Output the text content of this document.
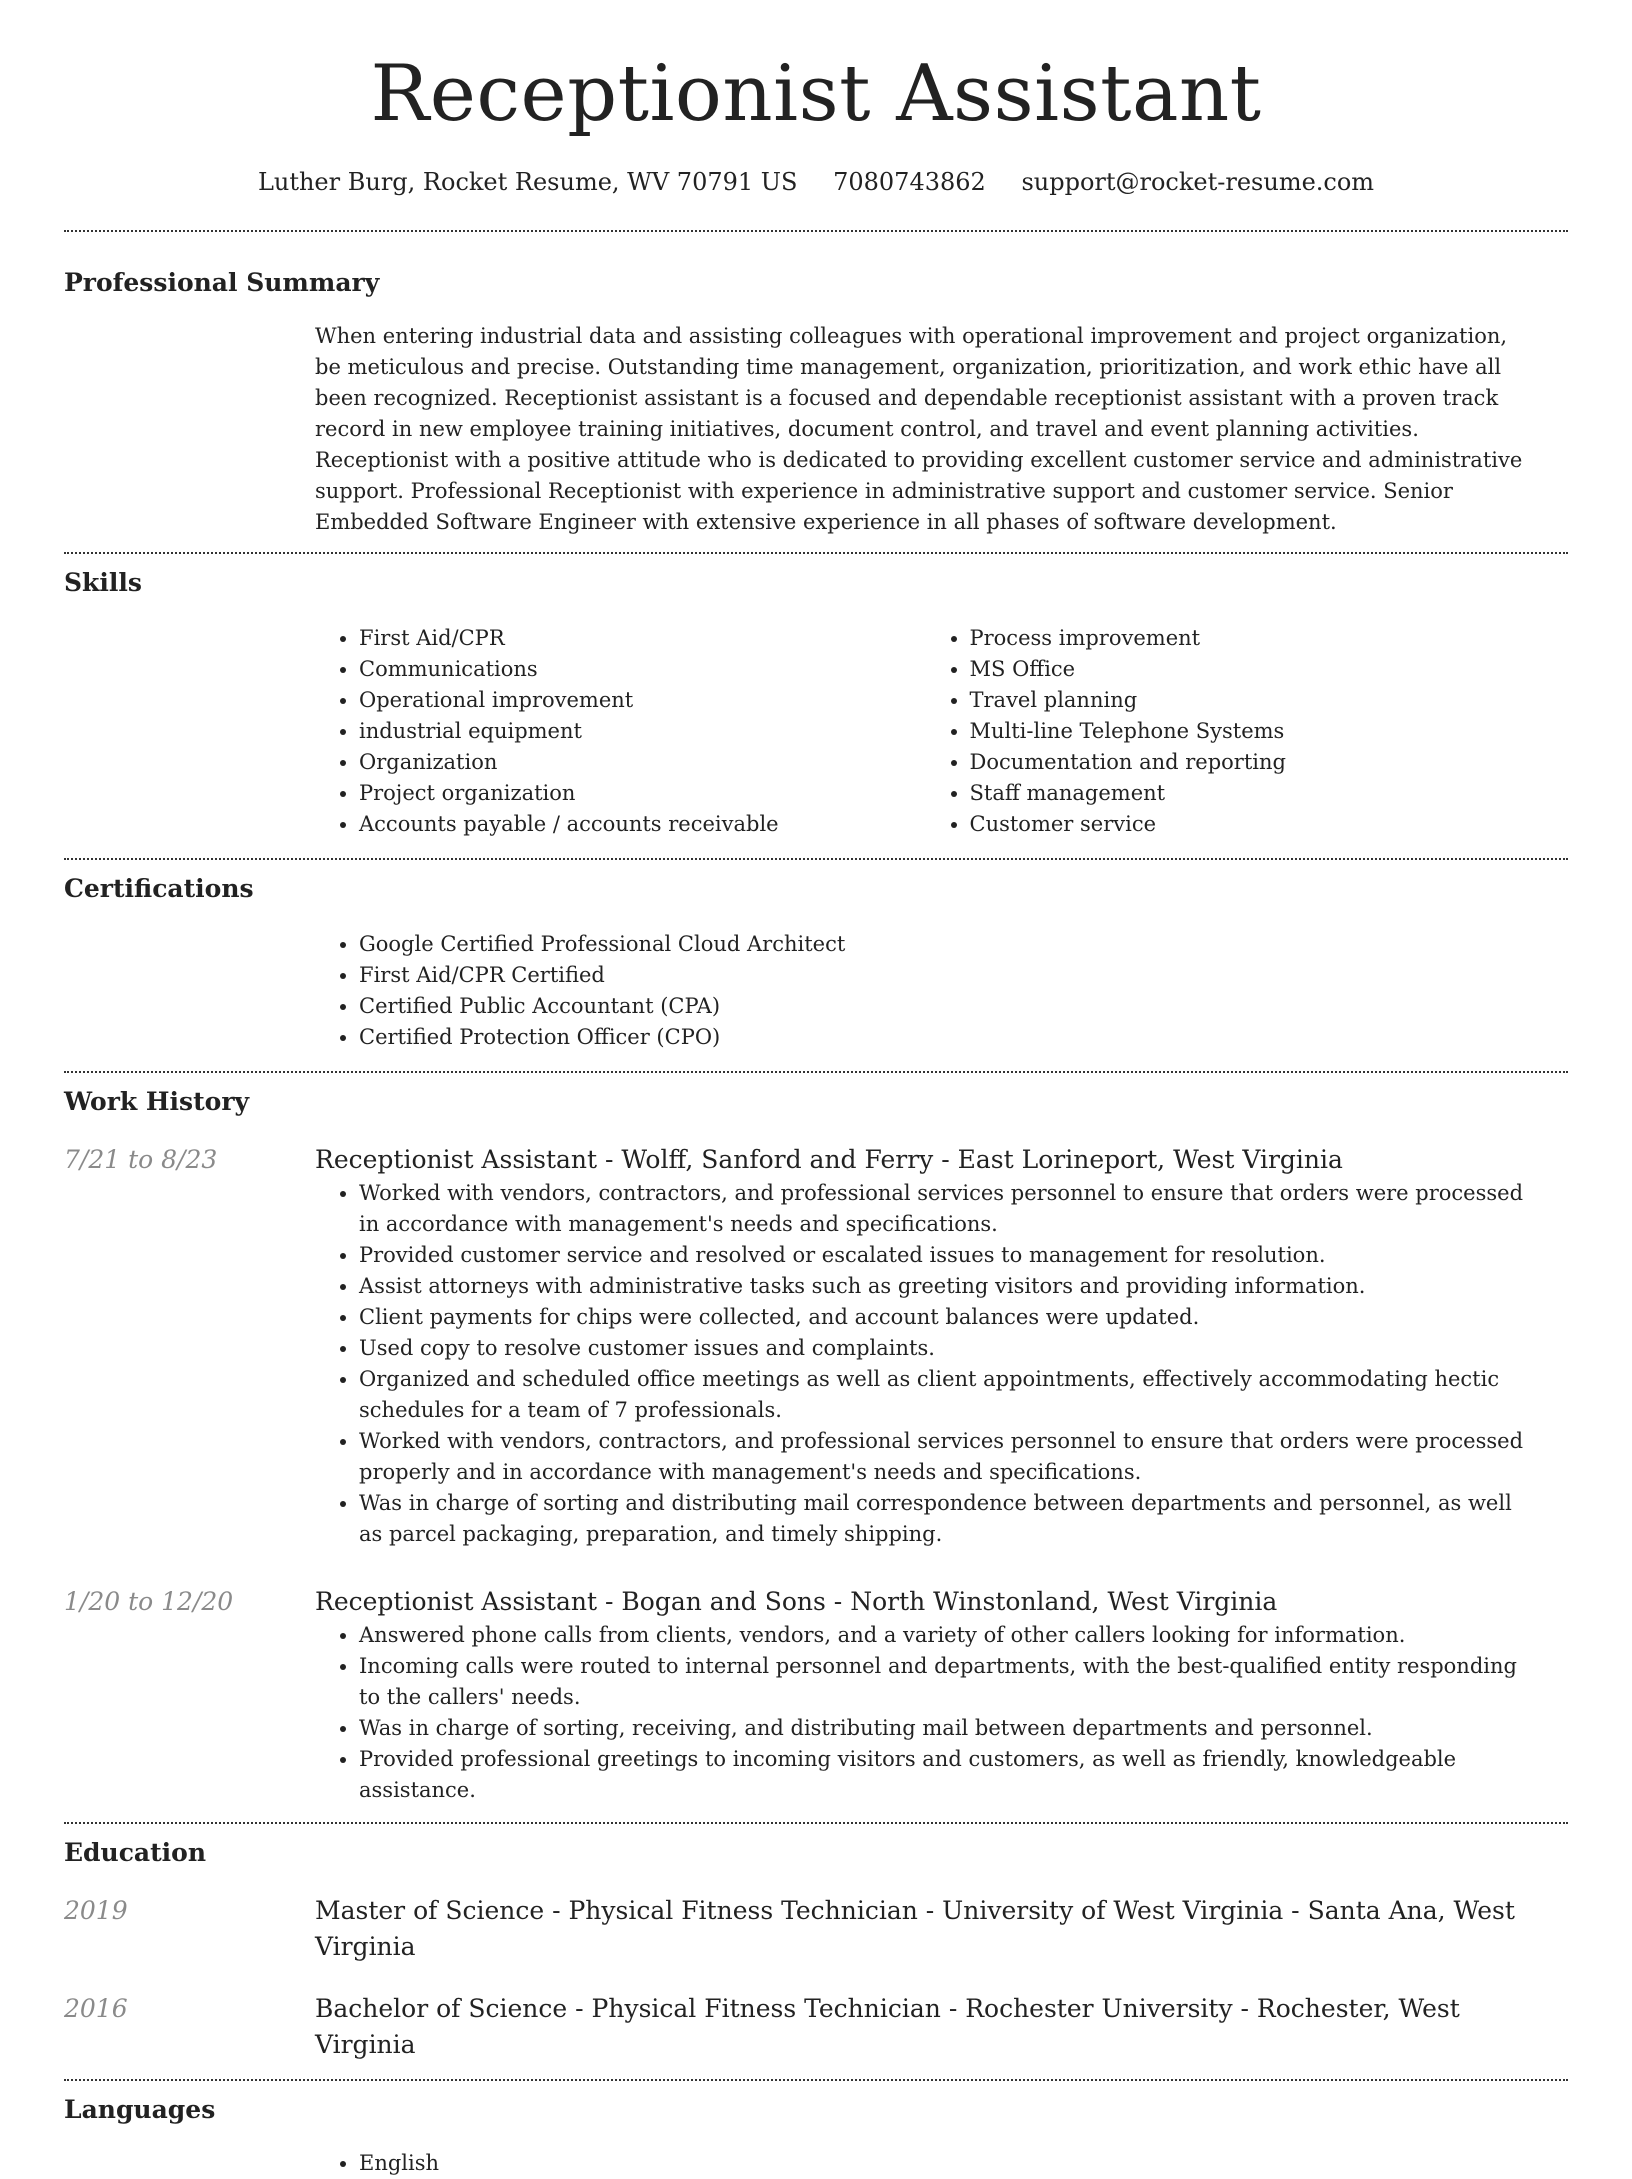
Receptionist Assistant
Luther Burg, Rocket Resume, WV 70791 US 7080743862 support@rocket-resume.com
Professional Summary
When entering industrial data and assisting colleagues with operational improvement and project organization, be meticulous and precise. Outstanding time management, organization, prioritization, and work ethic have all been recognized. Receptionist assistant is a focused and dependable receptionist assistant with a proven track record in new employee training initiatives, document control, and travel and event planning activities. Receptionist with a positive attitude who is dedicated to providing excellent customer service and administrative support. Professional Receptionist with experience in administrative support and customer service. Senior Embedded Software Engineer with extensive experience in all phases of software development.
Skills
• First Aid/CPR
• Communications
• Operational improvement
• industrial equipment
• Organization
• Project organization
• Accounts payable / accounts receivable
• Process improvement
• MS Office
• Travel planning
• Multi-line Telephone Systems
• Documentation and reporting
• Staff management
• Customer service
Certifications
• Google Certified Professional Cloud Architect
• First Aid/CPR Certified
• Certified Public Accountant (CPA)
• Certified Protection Officer (CPO)
Work History
7/21 to 8/23	Receptionist Assistant - Wolff, Sanford and Ferry - East Lorineport, West Virginia
• Worked with vendors, contractors, and professional services personnel to ensure that orders were processed in accordance with management's needs and specifications.
• Provided customer service and resolved or escalated issues to management for resolution.
• Assist attorneys with administrative tasks such as greeting visitors and providing information.
• Client payments for chips were collected, and account balances were updated.
• Used copy to resolve customer issues and complaints.
• Organized and scheduled office meetings as well as client appointments, effectively accommodating hectic schedules for a team of 7 professionals.
• Worked with vendors, contractors, and professional services personnel to ensure that orders were processed properly and in accordance with management's needs and specifications.
• Was in charge of sorting and distributing mail correspondence between departments and personnel, as well as parcel packaging, preparation, and timely shipping.
1/20 to 12/20	Receptionist Assistant - Bogan and Sons - North Winstonland, West Virginia
• Answered phone calls from clients, vendors, and a variety of other callers looking for information.
• Incoming calls were routed to internal personnel and departments, with the best-qualified entity responding to the callers' needs.
• Was in charge of sorting, receiving, and distributing mail between departments and personnel.
• Provided professional greetings to incoming visitors and customers, as well as friendly, knowledgeable assistance.
Education
2019	Master of Science - Physical Fitness Technician - University of West Virginia - Santa Ana, West Virginia
2016	Bachelor of Science - Physical Fitness Technician - Rochester University - Rochester, West Virginia
Languages
• English
